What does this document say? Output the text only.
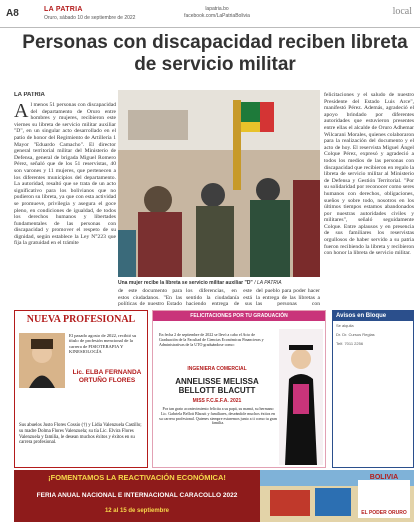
A8	LA PATRIA
Oruro, sábado 10 de septiembre de 2022
lapatria.bo
facebook.com/LaPatriaBolivia	local
Personas con discapacidad reciben libreta de servicio militar
LA PATRIA
A l menos 51 personas con discapacidad del departamento de Oruro entre hombres y mujeres, recibieron este viernes su libreta de servicio militar auxiliar "D", en un singular acto desarrollado en el patio de honor del Regimiento de Artillería 1 Mayor "Eduardo Camacho". El director general territorial militar del Ministerio de Defensa, general de brigada Miguel Romero Pérez, señaló que de los 51 reservistas, 40 son varones y 11 mujeres, que pertenecen a los diferentes municipios del departamento. La autoridad, resaltó que se trata de un acto significativo para los bolivianos que no pudieron su libreta, ya que con esta actividad se promueve, privilegia y asegura el goce pleno, en condiciones de igualdad, de todos los derechos humanos y libertades fundamentales de las personas con discapacidad y promover el respeto de su dignidad, según establece la Ley N°223 que fija la gratuidad en el trámite
Una mujer recibe la libreta se servicio militar auxiliar "D" / LA PATRIA
de este documento para estos ciudadanos. "En las políticas de nuestro Estado
los diferencias, en este sentido la ciudadanía está haciendo entrega de sus
del pueblo para poder hacer la entrega de las libretas a las personas con
felicitaciones y el saludo de nuestro Presidente del Estado Luis Arce", manifestó Pérez. Además, agradeció el apoyo brindado por diferentes autoridades que estuvieron presentes entre ellas el alcalde de Oruro Adhemar Wilcarani Morales, quienes colaboraron para la realización del documento y el acto de hoy. El reservista Miguel Ángel Colque Pérez, expresó y agradeció a todos los medios de las personas con discapacidad que recibieron en regalo la libreta de servicio militar al Ministerio de Defensa y Gestión Territorial. "Por su solidaridad por reconocer como seres humanos con derechos, obligaciones, sueños y sobre todo, nosotros en los últimos tiempos estamos abandonados por nuestras autoridades civiles y militares", señaló seguidamente Colque. Entre aplausos y en presencia de sus familiares los reservistas orgullosos de haber servido a su patria fueron recibiendo la libreta y recibieron con honor la libreta de servicio militar.
NUEVA PROFESIONAL
El pasado agosto de 2022, recibió su título de profesión mencional de la carrera de FISIOTERAPIA Y KINESIOLOGÍA
Lic. ELBA FERNANDA ORTUÑO FLORES
Sus abuelos Justo Flores Cossio (†) y Lidia Valenzuela Castillo; su madre Dolma Flores Valenzuela; su tía Lic. Elvira Flores Valenzuela y familia, le desean muchos éxitos y éxitos en su carrera profesional.
FELICITACIONES POR TU GRADUACIÓN
En fecha 2 de septiembre de 2022 se llevó a cabo el Acto de Graduación de la Facultad de Ciencias Económicas Financieras y Administrativas de la UTO graduándose como:
INGENIERA COMERCIAL
ANNELISSE MELISSA BELLOTT BLACUTT
MISS F.C.E.F.A. 2021
Por tan grato acontecimiento felicita a su papá, su mamá, su hermano Lic. Gabriela Bellott Blacutt y familiares, deseándole muchos éxitos en su carrera profesional. Quienes siempre estaremos junto a ti como tu gran familia.
Avisos en Bloque
Se alquila
Dr. Dr. Cursus Reglas
Telf. 7011 2256
¡FOMENTAMOS LA REACTIVACIÓN ECONÓMICA!
FERIA ANUAL NACIONAL E INTERNACIONAL CARACOLLO 2022
12 al 15 de septiembre
BOLIVIA
EL PODER ORURO
